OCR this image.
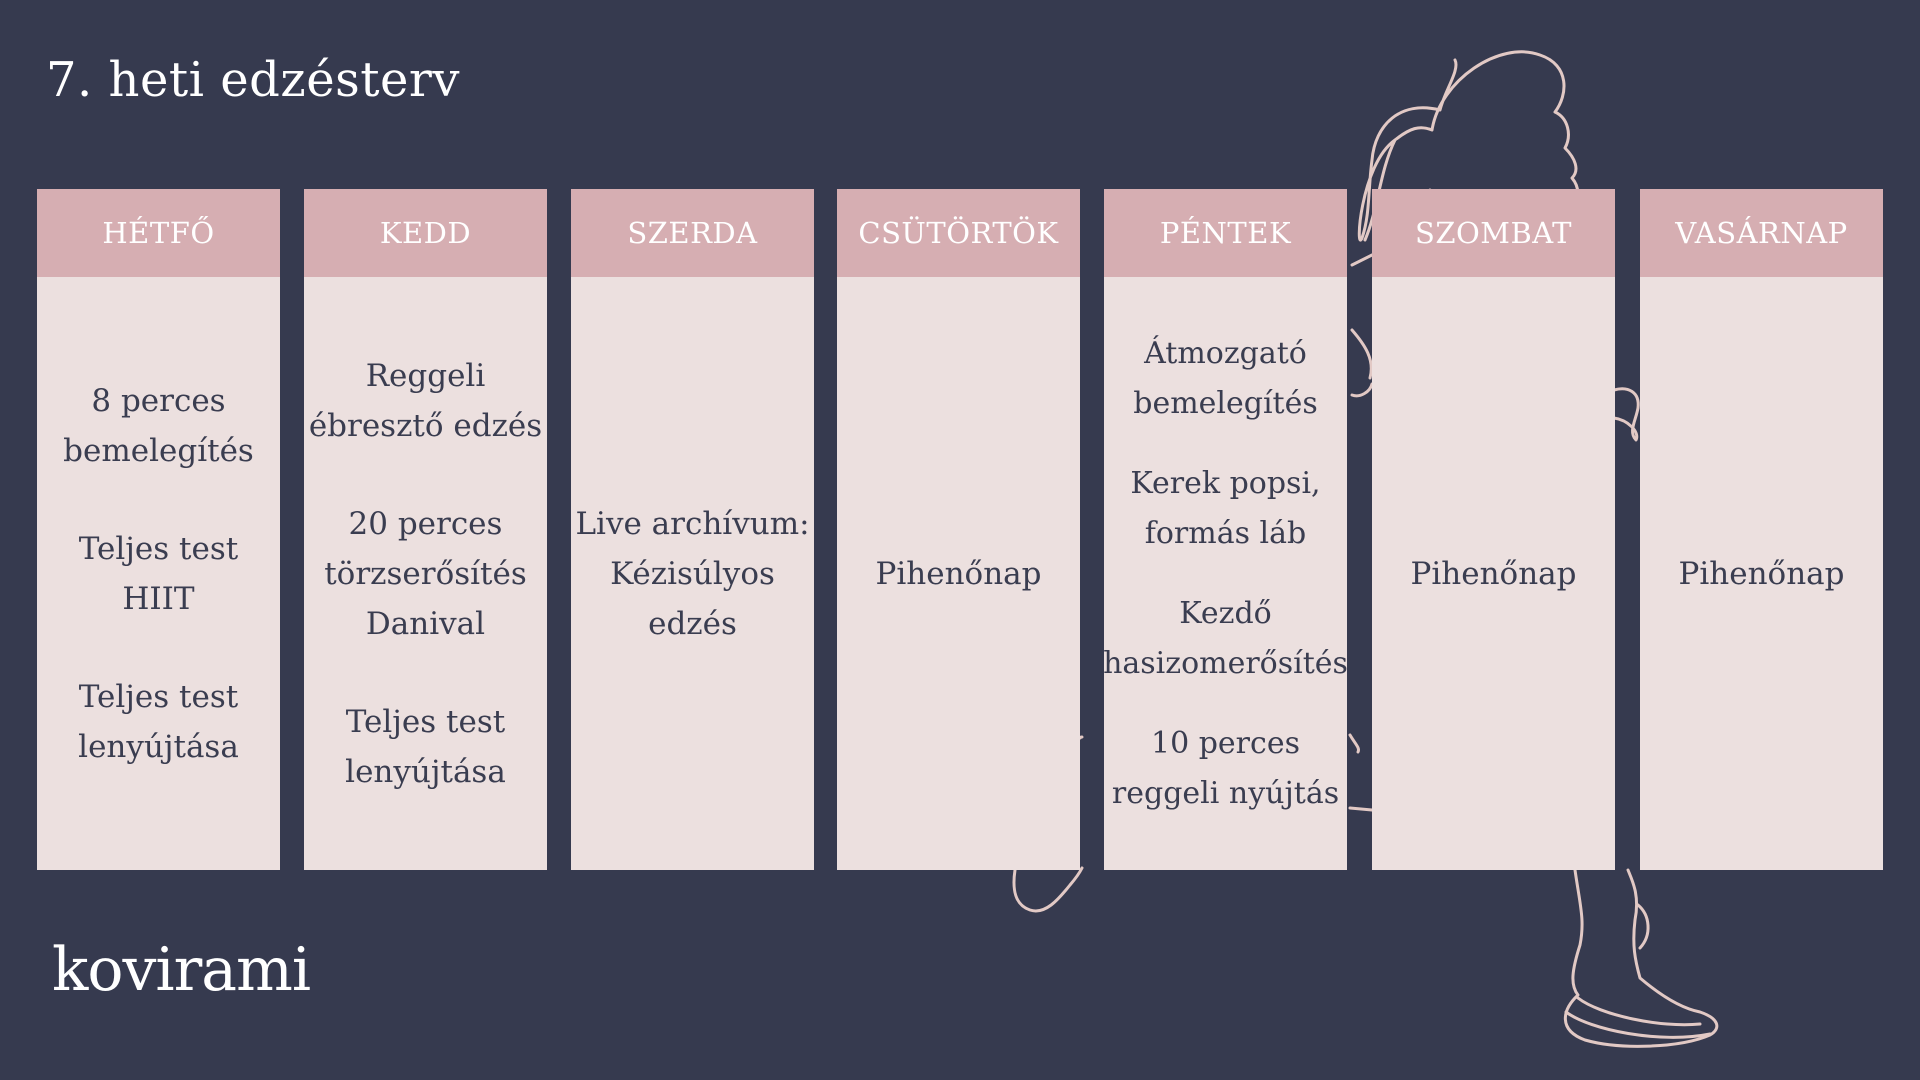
7. heti edzésterv
HÉTFŐ
8 perces
bemelegítés
Teljes test
HIIT
Teljes test
lenyújtása
KEDD
Reggeli
ébresztő edzés
20 perces
törzserősítés
Danival
Teljes test
lenyújtása
SZERDA
Live archívum:
Kézisúlyos
edzés
CSÜTÖRTÖK
Pihenőnap
PÉNTEK
Átmozgató
bemelegítés
Kerek popsi,
formás láb
Kezdő
hasizomerősítés
10 perces
reggeli nyújtás
SZOMBAT
Pihenőnap
VASÁRNAP
Pihenőnap
kovirami
